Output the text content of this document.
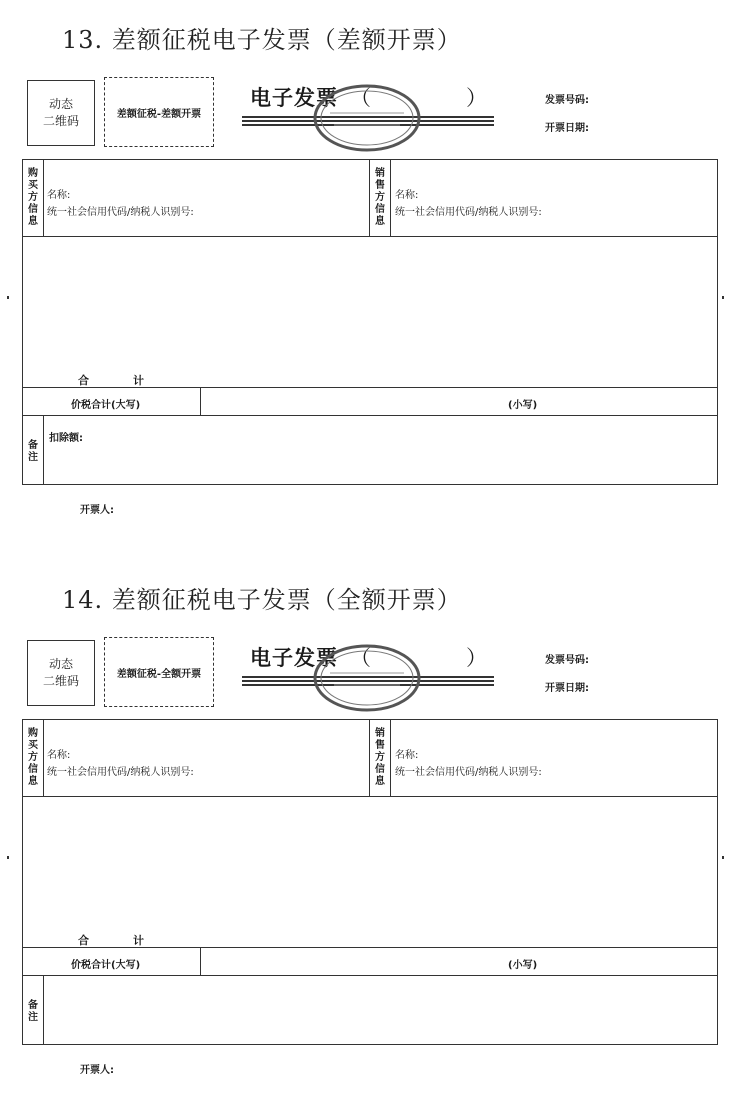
13. 差额征税电子发票（差额开票）
动态
二维码	差额征税-差额开票
电子发票 （	）	发票号码:
开票日期:
购买方信息
名称:
统一社会信用代码/纳税人识别号:
销售方信息
名称:
统一社会信用代码/纳税人识别号:
合计
价税合计(大写)	(小写)
备注
扣除额:
开票人:
14. 差额征税电子发票（全额开票）
动态
二维码	差额征税-全额开票
电子发票 （	）	发票号码:
开票日期:
购买方信息
名称:
统一社会信用代码/纳税人识别号:
销售方信息
名称:
统一社会信用代码/纳税人识别号:
合计
价税合计(大写)	(小写)
备注
开票人:
